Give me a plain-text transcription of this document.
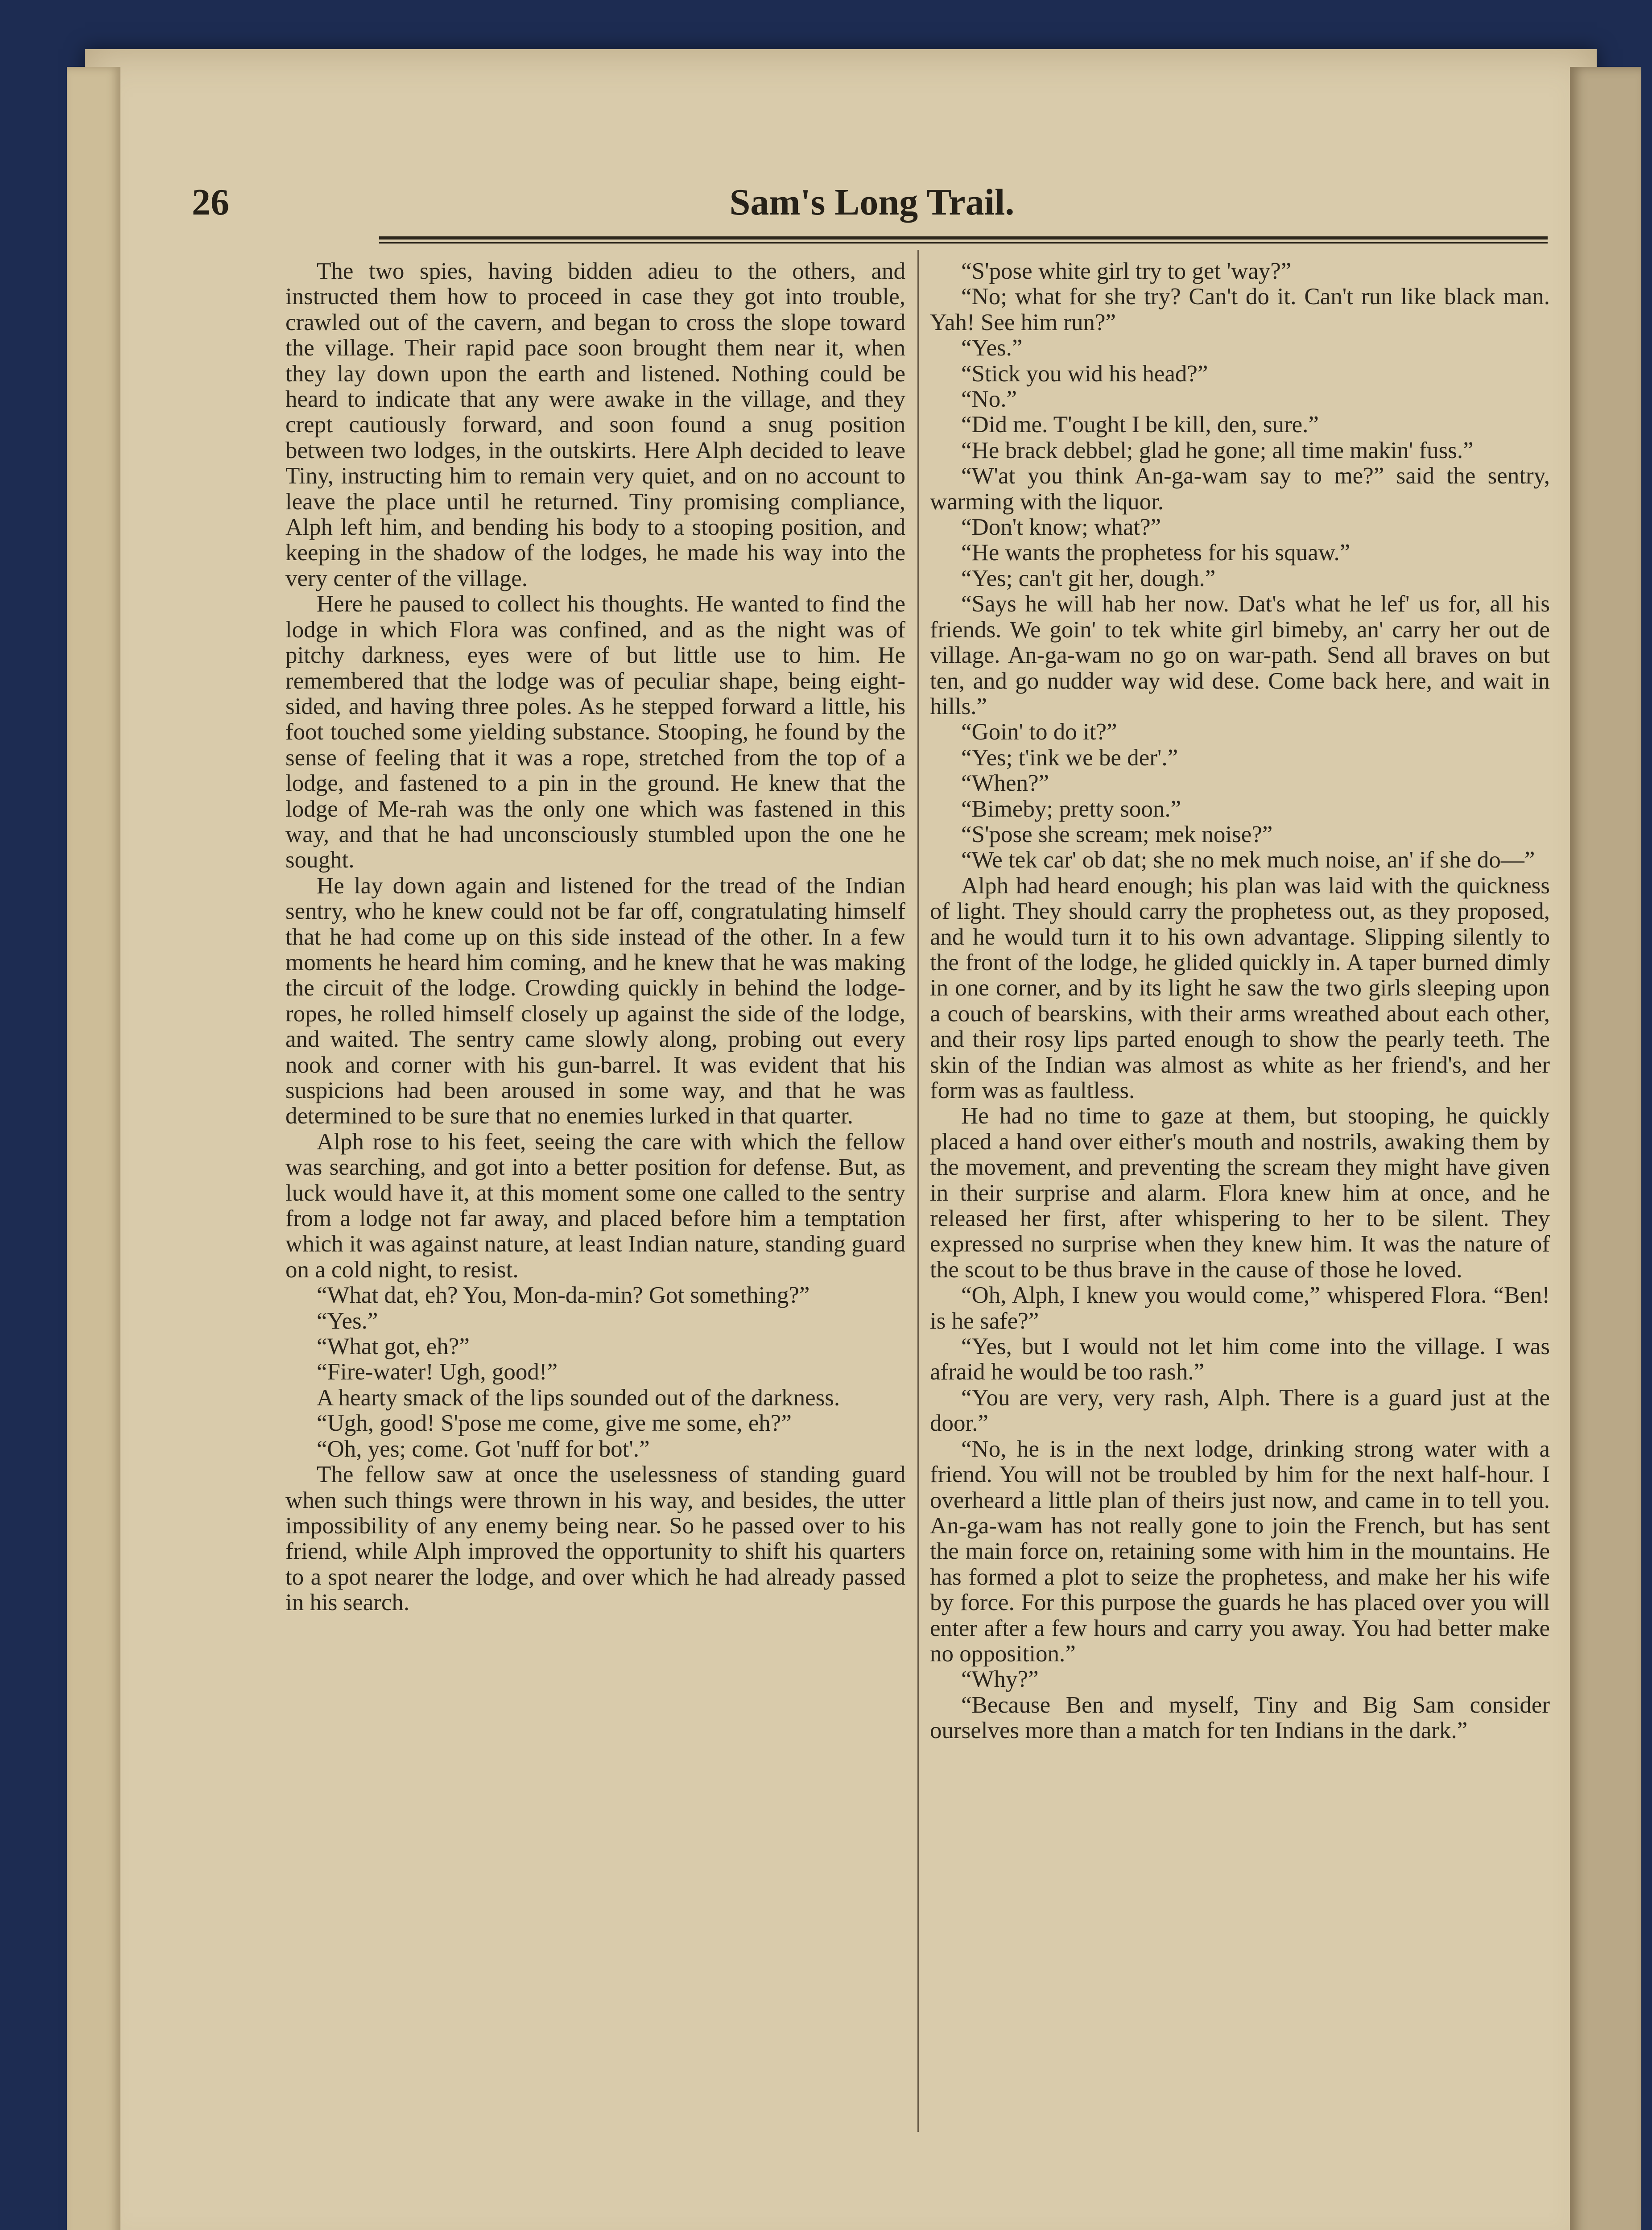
26	Sam's Long Trail.

The two spies, having bidden adieu to the others, and instructed them how to proceed in case they got into trouble, crawled out of the cavern, and began to cross the slope toward the village. Their rapid pace soon brought them near it, when they lay down upon the earth and listened. Nothing could be heard to indicate that any were awake in the village, and they crept cautiously forward, and soon found a snug position between two lodges, in the outskirts. Here Alph decided to leave Tiny, instructing him to remain very quiet, and on no account to leave the place until he returned. Tiny promising compliance, Alph left him, and bending his body to a stooping position, and keeping in the shadow of the lodges, he made his way into the very center of the village.

Here he paused to collect his thoughts. He wanted to find the lodge in which Flora was confined, and as the night was of pitchy darkness, eyes were of but little use to him. He remembered that the lodge was of peculiar shape, being eight-sided, and having three poles. As he stepped forward a little, his foot touched some yielding substance. Stooping, he found by the sense of feeling that it was a rope, stretched from the top of a lodge, and fastened to a pin in the ground. He knew that the lodge of Me-rah was the only one which was fastened in this way, and that he had unconsciously stumbled upon the one he sought.

He lay down again and listened for the tread of the Indian sentry, who he knew could not be far off, congratulating himself that he had come up on this side instead of the other. In a few moments he heard him coming, and he knew that he was making the circuit of the lodge. Crowding quickly in behind the lodge-ropes, he rolled himself closely up against the side of the lodge, and waited. The sentry came slowly along, probing out every nook and corner with his gun-barrel. It was evident that his suspicions had been aroused in some way, and that he was determined to be sure that no enemies lurked in that quarter.

Alph rose to his feet, seeing the care with which the fellow was searching, and got into a better position for defense. But, as luck would have it, at this moment some one called to the sentry from a lodge not far away, and placed before him a temptation which it was against nature, at least Indian nature, standing guard on a cold night, to resist.

“What dat, eh? You, Mon-da-min? Got something?”

“Yes.”

“What got, eh?”

“Fire-water! Ugh, good!”

A hearty smack of the lips sounded out of the darkness.

“Ugh, good! S'pose me come, give me some, eh?”

“Oh, yes; come. Got 'nuff for bot'.”

The fellow saw at once the uselessness of standing guard when such things were thrown in his way, and besides, the utter impossibility of any enemy being near. So he passed over to his friend, while Alph improved the opportunity to shift his quarters to a spot nearer the lodge, and over which he had already passed in his search.

“S'pose white girl try to get 'way?”

“No; what for she try? Can't do it. Can't run like black man. Yah! See him run?”

“Yes.”

“Stick you wid his head?”

“No.”

“Did me. T'ought I be kill, den, sure.”

“He brack debbel; glad he gone; all time makin' fuss.”

“W'at you think An-ga-wam say to me?” said the sentry, warming with the liquor.

“Don't know; what?”

“He wants the prophetess for his squaw.”

“Yes; can't git her, dough.”

“Says he will hab her now. Dat's what he lef' us for, all his friends. We goin' to tek white girl bimeby, an' carry her out de village. An-ga-wam no go on war-path. Send all braves on but ten, and go nudder way wid dese. Come back here, and wait in hills.”

“Goin' to do it?”

“Yes; t'ink we be der'.”

“When?”

“Bimeby; pretty soon.”

“S'pose she scream; mek noise?”

“We tek car' ob dat; she no mek much noise, an' if she do—”

Alph had heard enough; his plan was laid with the quickness of light. They should carry the prophetess out, as they proposed, and he would turn it to his own advantage. Slipping silently to the front of the lodge, he glided quickly in. A taper burned dimly in one corner, and by its light he saw the two girls sleeping upon a couch of bearskins, with their arms wreathed about each other, and their rosy lips parted enough to show the pearly teeth. The skin of the Indian was almost as white as her friend's, and her form was as faultless.

He had no time to gaze at them, but stooping, he quickly placed a hand over either's mouth and nostrils, awaking them by the movement, and preventing the scream they might have given in their surprise and alarm. Flora knew him at once, and he released her first, after whispering to her to be silent. They expressed no surprise when they knew him. It was the nature of the scout to be thus brave in the cause of those he loved.

“Oh, Alph, I knew you would come,” whispered Flora. “Ben! is he safe?”

“Yes, but I would not let him come into the village. I was afraid he would be too rash.”

“You are very, very rash, Alph. There is a guard just at the door.”

“No, he is in the next lodge, drinking strong water with a friend. You will not be troubled by him for the next half-hour. I overheard a little plan of theirs just now, and came in to tell you. An-ga-wam has not really gone to join the French, but has sent the main force on, retaining some with him in the mountains. He has formed a plot to seize the prophetess, and make her his wife by force. For this purpose the guards he has placed over you will enter after a few hours and carry you away. You had better make no opposition.”

“Why?”

“Because Ben and myself, Tiny and Big Sam consider ourselves more than a match for ten Indians in the dark.”
